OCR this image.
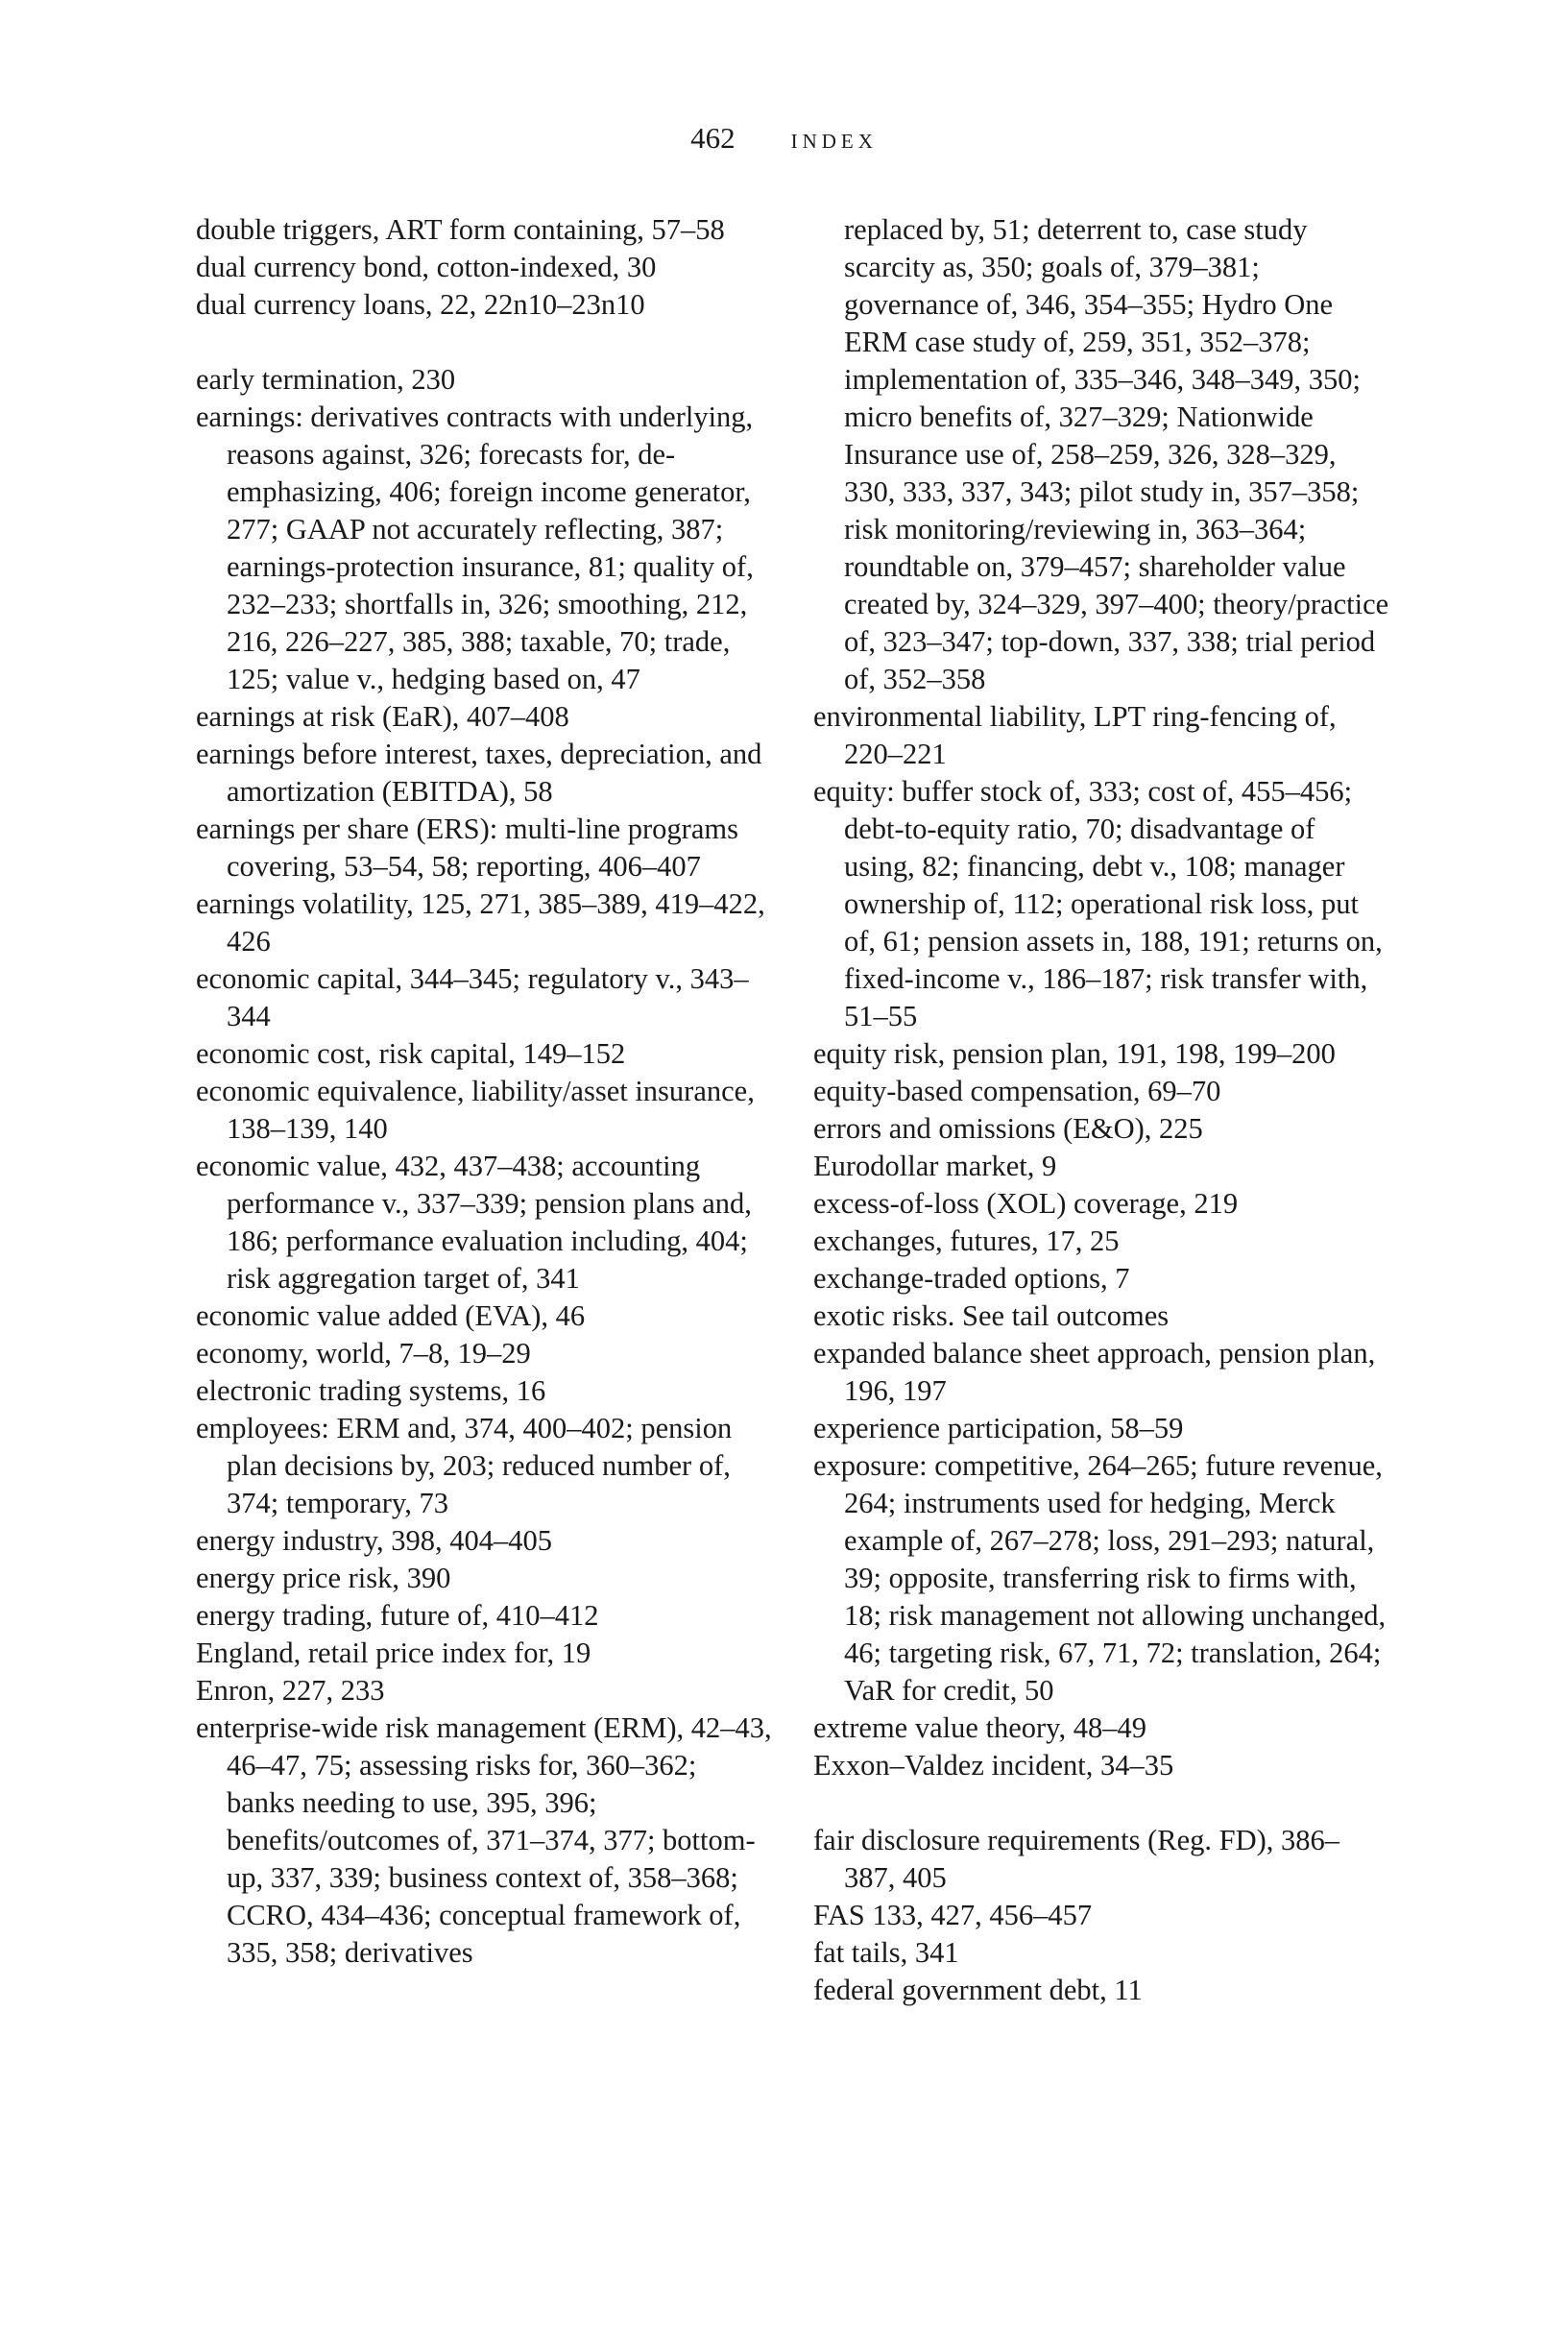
462 index
double triggers, ART form containing, 57–58
dual currency bond, cotton-indexed, 30
dual currency loans, 22, 22n10–23n10
early termination, 230
earnings: derivatives contracts with underlying, reasons against, 326; forecasts for, de-emphasizing, 406; foreign income generator, 277; GAAP not accurately reflecting, 387; earnings-protection insurance, 81; quality of, 232–233; shortfalls in, 326; smoothing, 212, 216, 226–227, 385, 388; taxable, 70; trade, 125; value v., hedging based on, 47
earnings at risk (EaR), 407–408
earnings before interest, taxes, depreciation, and amortization (EBITDA), 58
earnings per share (ERS): multi-line programs covering, 53–54, 58; reporting, 406–407
earnings volatility, 125, 271, 385–389, 419–422, 426
economic capital, 344–345; regulatory v., 343–344
economic cost, risk capital, 149–152
economic equivalence, liability/asset insurance, 138–139, 140
economic value, 432, 437–438; accounting performance v., 337–339; pension plans and, 186; performance evaluation including, 404; risk aggregation target of, 341
economic value added (EVA), 46
economy, world, 7–8, 19–29
electronic trading systems, 16
employees: ERM and, 374, 400–402; pension plan decisions by, 203; reduced number of, 374; temporary, 73
energy industry, 398, 404–405
energy price risk, 390
energy trading, future of, 410–412
England, retail price index for, 19
Enron, 227, 233
enterprise-wide risk management (ERM), 42–43, 46–47, 75; assessing risks for, 360–362; banks needing to use, 395, 396; benefits/outcomes of, 371–374, 377; bottom-up, 337, 339; business context of, 358–368; CCRO, 434–436; conceptual framework of, 335, 358; derivatives
replaced by, 51; deterrent to, case study scarcity as, 350; goals of, 379–381; governance of, 346, 354–355; Hydro One ERM case study of, 259, 351, 352–378; implementation of, 335–346, 348–349, 350; micro benefits of, 327–329; Nationwide Insurance use of, 258–259, 326, 328–329, 330, 333, 337, 343; pilot study in, 357–358; risk monitoring/reviewing in, 363–364; roundtable on, 379–457; shareholder value created by, 324–329, 397–400; theory/practice of, 323–347; top-down, 337, 338; trial period of, 352–358
environmental liability, LPT ring-fencing of, 220–221
equity: buffer stock of, 333; cost of, 455–456; debt-to-equity ratio, 70; disadvantage of using, 82; financing, debt v., 108; manager ownership of, 112; operational risk loss, put of, 61; pension assets in, 188, 191; returns on, fixed-income v., 186–187; risk transfer with, 51–55
equity risk, pension plan, 191, 198, 199–200
equity-based compensation, 69–70
errors and omissions (E&O), 225
Eurodollar market, 9
excess-of-loss (XOL) coverage, 219
exchanges, futures, 17, 25
exchange-traded options, 7
exotic risks. See tail outcomes
expanded balance sheet approach, pension plan, 196, 197
experience participation, 58–59
exposure: competitive, 264–265; future revenue, 264; instruments used for hedging, Merck example of, 267–278; loss, 291–293; natural, 39; opposite, transferring risk to firms with, 18; risk management not allowing unchanged, 46; targeting risk, 67, 71, 72; translation, 264; VaR for credit, 50
extreme value theory, 48–49
Exxon–Valdez incident, 34–35
fair disclosure requirements (Reg. FD), 386–387, 405
FAS 133, 427, 456–457
fat tails, 341
federal government debt, 11
